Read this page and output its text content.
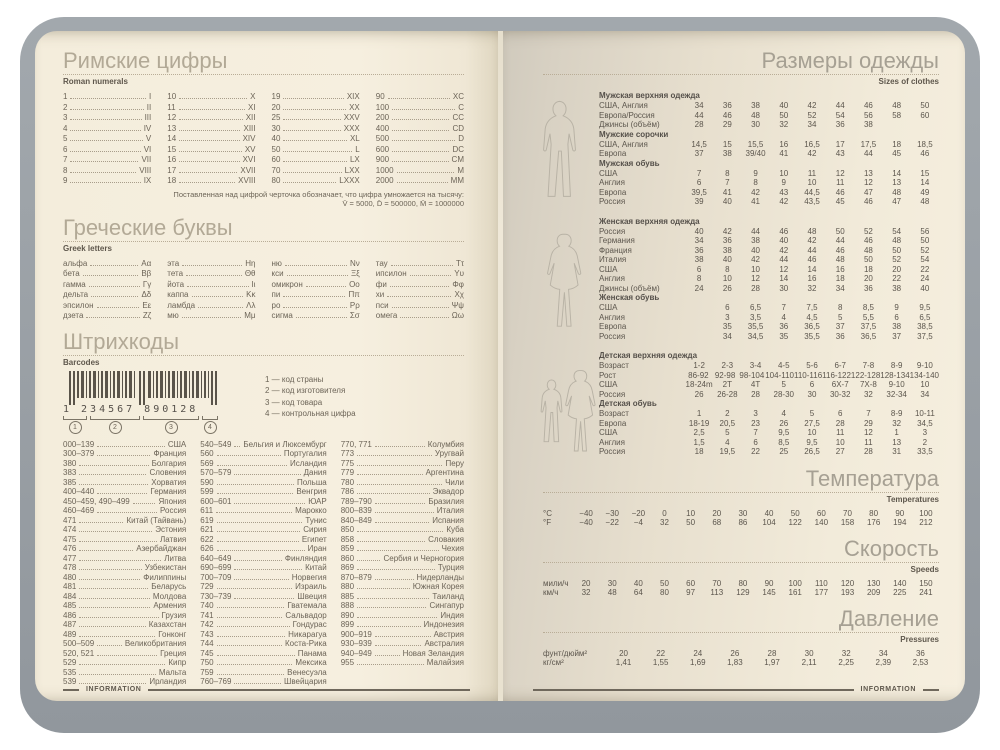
Римские цифры
Roman numerals
1	I
2	II
3	III
4	IV
5	V
6	VI
7	VII
8	VIII
9	IX
10	X
11	XI
12	XII
13	XIII
14	XIV
15	XV
16	XVI
17	XVII
18	XVIII
19	XIX
20	XX
25	XXV
30	XXX
40	XL
50	L
60	LX
70	LXX
80	LXXX
90	XC
100	C
200	CC
400	CD
500	D
600	DC
900	CM
1000	M
2000	MM
Поставленная над цифрой черточка обозначает, что цифра умножается на тысячу:
V̄ = 5000, D̄ = 500000, M̄ = 1000000
Греческие буквы
Greek letters
альфа	Αα
бета	Ββ
гамма	Γγ
дельта	Δδ
эпсилон	Εε
дзета	Ζζ
эта	Ηη
тета	Θθ
йота	Ιι
каппа	Κκ
ламбда	Λλ
мю	Μμ
ню	Νν
кси	Ξξ
омикрон	Οο
пи	Ππ
ро	Ρρ
сигма	Σσ
тау	Ττ
ипсилон	Υυ
фи	Φφ
хи	Χχ
пси	Ψψ
омега	Ωω
Штрихкоды
Barcodes
1 234567 890128
1	2	3	4
1 — код страны
2 — код изготовителя
3 — код товара
4 — контрольная цифра
000–139	США
300–379	Франция
380	Болгария
383	Словения
385	Хорватия
400–440	Германия
450–459, 490–499	Япония
460–469	Россия
471	Китай (Тайвань)
474	Эстония
475	Латвия
476	Азербайджан
477	Литва
478	Узбекистан
480	Филиппины
481	Беларусь
484	Молдова
485	Армения
486	Грузия
487	Казахстан
489	Гонконг
500–509	Великобритания
520, 521	Греция
529	Кипр
535	Мальта
539	Ирландия
540–549 Бельгия и Люксембург
560	Португалия
569	Исландия
570–579	Дания
590	Польша
599	Венгрия
600–601	ЮАР
611	Марокко
619	Тунис
621	Сирия
622	Египет
626	Иран
640–649	Финляндия
690–699	Китай
700–709	Норвегия
729	Израиль
730–739	Швеция
740	Гватемала
741	Сальвадор
742	Гондурас
743	Никарагуа
744	Коста-Рика
745	Панама
750	Мексика
759	Венесуэла
760–769	Швейцария
770, 771	Колумбия
773	Уругвай
775	Перу
779	Аргентина
780	Чили
786	Эквадор
789–790	Бразилия
800–839	Италия
840–849	Испания
850	Куба
858	Словакия
859	Чехия
860	Сербия и Черногория
869	Турция
870–879	Нидерланды
880	Южная Корея
885	Таиланд
888	Сингапур
890	Индия
899	Индонезия
900–919	Австрия
930–939	Австралия
940–949	Новая Зеландия
955	Малайзия
INFORMATION
Размеры одежды
Sizes of clothes
Мужская верхняя одежда
США, Англия	34	36	38	40	42	44	46	48	50
Европа/Россия	44	46	48	50	52	54	56	58	60
Джинсы (объём)	28	29	30	32	34	36	38
Мужские сорочки
США, Англия	14,5	15	15,5	16	16,5	17	17,5	18	18,5
Европа	37	38	39/40	41	42	43	44	45	46
Мужская обувь
США	7	8	9	10	11	12	13	14	15
Англия	6	7	8	9	10	11	12	13	14
Европа	39,5	41	42	43	44,5	46	47	48	49
Россия	39	40	41	42	43,5	45	46	47	48
Женская верхняя одежда
Россия	40	42	44	46	48	50	52	54	56
Германия	34	36	38	40	42	44	46	48	50
Франция	36	38	40	42	44	46	48	50	52
Италия	38	40	42	44	46	48	50	52	54
США	6	8	10	12	14	16	18	20	22
Англия	8	10	12	14	16	18	20	22	24
Джинсы (объём)	24	26	28	30	32	34	36	38	40
Женская обувь
США	6	6,5	7	7,5	8	8,5	9	9,5
Англия	3	3,5	4	4,5	5	5,5	6	6,5
Европа	35	35,5	36	36,5	37	37,5	38	38,5
Россия	34	34,5	35	35,5	36	36,5	37	37,5
Детская верхняя одежда
Возраст	1-2	2-3	3-4	4-5	5-6	6-7	7-8	8-9	9-10
Рост	86-92 92-98 98-104 104-110 110-116 116-122 122-128 128-134 134-140
США	18-24m	2T	4T	5	6	6X-7	7X-8	9-10	10
Россия	26	26-28	28	28-30	30	30-32	32	32-34	34
Детская обувь
Возраст	1	2	3	4	5	6	7	8-9	10-11
Европа	18-19	20,5	23	26	27,5	28	29	32	34,5
США	2,5	5	7	9,5	10	11	12	1	3
Англия	1,5	4	6	8,5	9,5	10	11	13	2
Россия	18	19,5	22	25	26,5	27	28	31	33,5
Температура
Temperatures
°C	−40	−30	−20	0	10	20	30	40	50	60	70	80	90	100
°F	−40	−22	−4	32	50	68	86	104	122	140	158	176	194	212
Скорость
Speeds
мили/ч	20	30	40	50	60	70	80	90	100	110	120	130	140	150
км/ч	32	48	64	80	97	113	129	145	161	177	193	209	225	241
Давление
Pressures
фунт/дюйм²	20	22	24	26	28	30	32	34	36
кг/см²	1,41	1,55	1,69	1,83	1,97	2,11	2,25	2,39	2,53
INFORMATION
